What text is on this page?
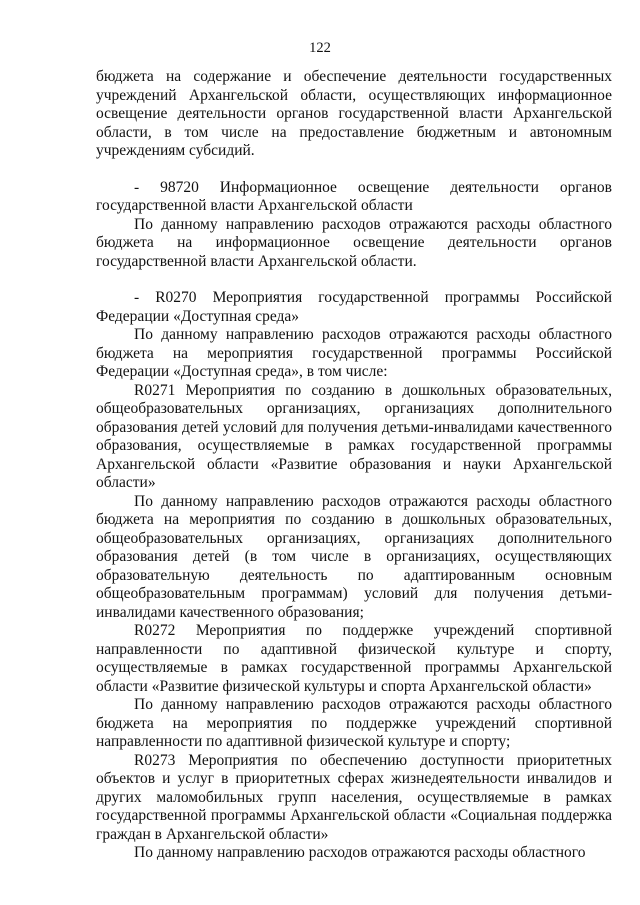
122

бюджета на содержание и обеспечение деятельности государственных учреждений Архангельской области, осуществляющих информационное освещение деятельности органов государственной власти Архангельской области, в том числе на предоставление бюджетным и автономным учреждениям субсидий.

- 98720 Информационное освещение деятельности органов государственной власти Архангельской области

По данному направлению расходов отражаются расходы областного бюджета на информационное освещение деятельности органов государственной власти Архангельской области.

- R0270 Мероприятия государственной программы Российской Федерации «Доступная среда»

По данному направлению расходов отражаются расходы областного бюджета на мероприятия государственной программы Российской Федерации «Доступная среда», в том числе:

R0271 Мероприятия по созданию в дошкольных образовательных, общеобразовательных организациях, организациях дополнительного образования детей условий для получения детьми-инвалидами качественного образования, осуществляемые в рамках государственной программы Архангельской области «Развитие образования и науки Архангельской области»

По данному направлению расходов отражаются расходы областного бюджета на мероприятия по созданию в дошкольных образовательных, общеобразовательных организациях, организациях дополнительного образования детей (в том числе в организациях, осуществляющих образовательную деятельность по адаптированным основным общеобразовательным программам) условий для получения детьми-инвалидами качественного образования;

R0272 Мероприятия по поддержке учреждений спортивной направленности по адаптивной физической культуре и спорту, осуществляемые в рамках государственной программы Архангельской области «Развитие физической культуры и спорта Архангельской области»

По данному направлению расходов отражаются расходы областного бюджета на мероприятия по поддержке учреждений спортивной направленности по адаптивной физической культуре и спорту;

R0273 Мероприятия по обеспечению доступности приоритетных объектов и услуг в приоритетных сферах жизнедеятельности инвалидов и других маломобильных групп населения, осуществляемые в рамках государственной программы Архангельской области «Социальная поддержка граждан в Архангельской области»

По данному направлению расходов отражаются расходы областного
